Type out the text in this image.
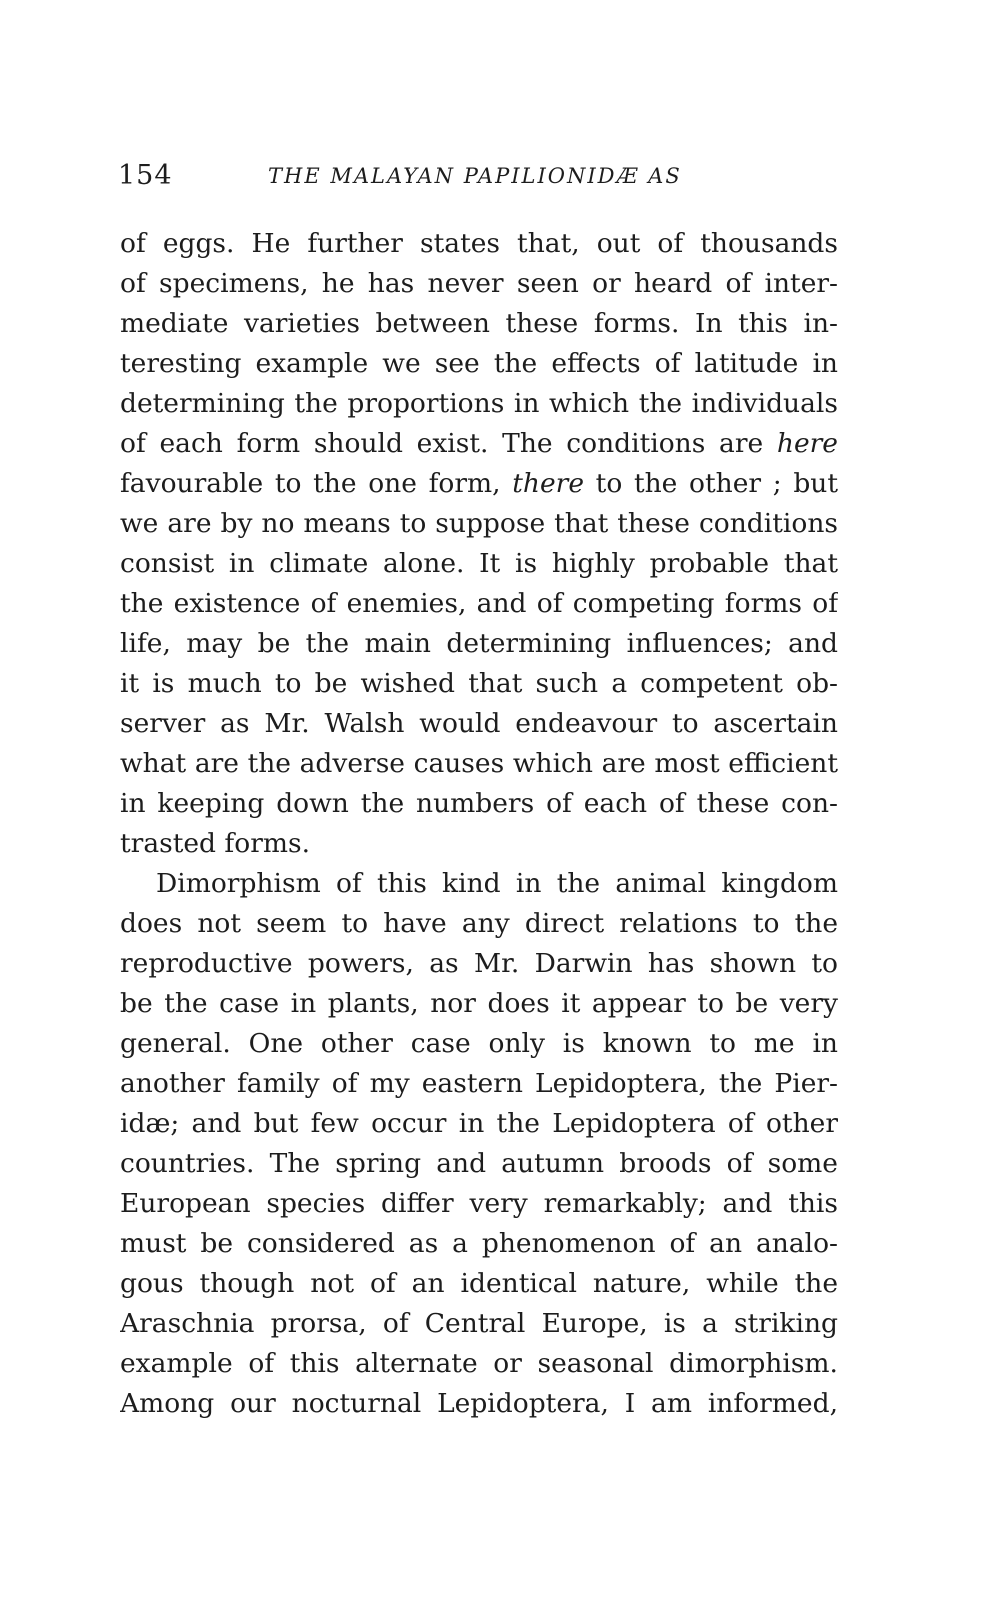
154	THE MALAYAN PAPILIONIDÆ AS
of eggs. He further states that, out of thousands
of specimens, he has never seen or heard of inter-
mediate varieties between these forms. In this in-
teresting example we see the effects of latitude in
determining the proportions in which the individuals
of each form should exist. The conditions are here
favourable to the one form, there to the other ; but
we are by no means to suppose that these conditions
consist in climate alone. It is highly probable that
the existence of enemies, and of competing forms of
life, may be the main determining influences; and
it is much to be wished that such a competent ob-
server as Mr. Walsh would endeavour to ascertain
what are the adverse causes which are most efficient
in keeping down the numbers of each of these con-
trasted forms.
Dimorphism of this kind in the animal kingdom
does not seem to have any direct relations to the
reproductive powers, as Mr. Darwin has shown to
be the case in plants, nor does it appear to be very
general. One other case only is known to me in
another family of my eastern Lepidoptera, the Pier-
idæ; and but few occur in the Lepidoptera of other
countries. The spring and autumn broods of some
European species differ very remarkably; and this
must be considered as a phenomenon of an analo-
gous though not of an identical nature, while the
Araschnia prorsa, of Central Europe, is a striking
example of this alternate or seasonal dimorphism.
Among our nocturnal Lepidoptera, I am informed,
